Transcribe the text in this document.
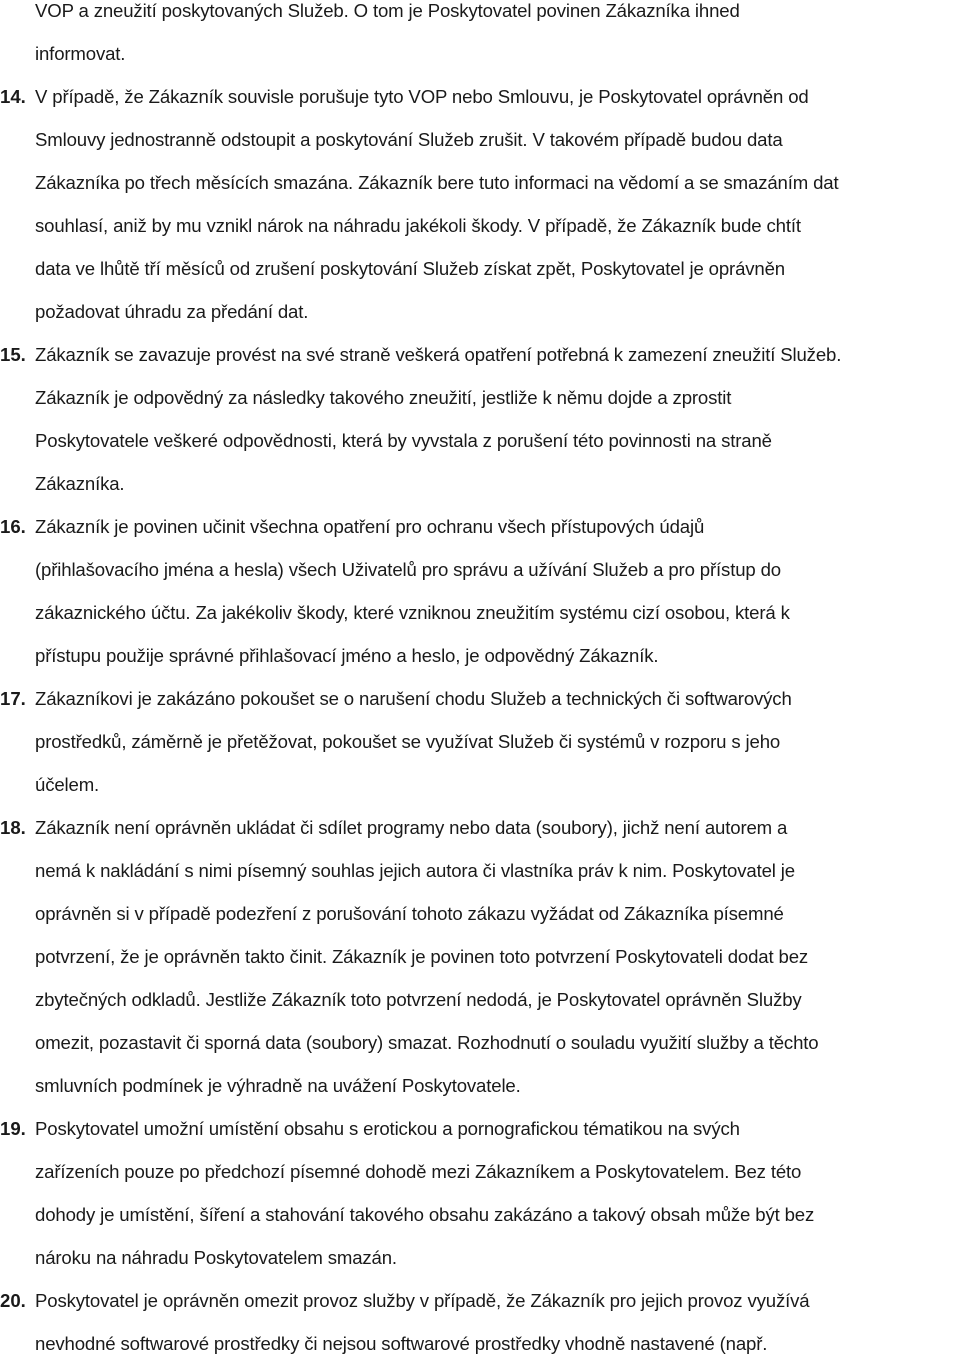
VOP a zneužití poskytovaných Služeb. O tom je Poskytovatel povinen Zákazníka ihned
informovat.
14. V případě, že Zákazník souvisle porušuje tyto VOP nebo Smlouvu, je Poskytovatel oprávněn od
Smlouvy jednostranně odstoupit a poskytování Služeb zrušit. V takovém případě budou data
Zákazníka po třech měsících smazána. Zákazník bere tuto informaci na vědomí a se smazáním dat
souhlasí, aniž by mu vznikl nárok na náhradu jakékoli škody. V případě, že Zákazník bude chtít
data ve lhůtě tří měsíců od zrušení poskytování Služeb získat zpět, Poskytovatel je oprávněn
požadovat úhradu za předání dat.
15. Zákazník se zavazuje provést na své straně veškerá opatření potřebná k zamezení zneužití Služeb.
Zákazník je odpovědný za následky takového zneužití, jestliže k němu dojde a zprostit
Poskytovatele veškeré odpovědnosti, která by vyvstala z porušení této povinnosti na straně
Zákazníka.
16. Zákazník je povinen učinit všechna opatření pro ochranu všech přístupových údajů
(přihlašovacího jména a hesla) všech Uživatelů pro správu a užívání Služeb a pro přístup do
zákaznického účtu. Za jakékoliv škody, které vzniknou zneužitím systému cizí osobou, která k
přístupu použije správné přihlašovací jméno a heslo, je odpovědný Zákazník.
17. Zákazníkovi je zakázáno pokoušet se o narušení chodu Služeb a technických či softwarových
prostředků, záměrně je přetěžovat, pokoušet se využívat Služeb či systémů v rozporu s jeho
účelem.
18. Zákazník není oprávněn ukládat či sdílet programy nebo data (soubory), jichž není autorem a
nemá k nakládání s nimi písemný souhlas jejich autora či vlastníka práv k nim. Poskytovatel je
oprávněn si v případě podezření z porušování tohoto zákazu vyžádat od Zákazníka písemné
potvrzení, že je oprávněn takto činit. Zákazník je povinen toto potvrzení Poskytovateli dodat bez
zbytečných odkladů. Jestliže Zákazník toto potvrzení nedodá, je Poskytovatel oprávněn Služby
omezit, pozastavit či sporná data (soubory) smazat. Rozhodnutí o souladu využití služby a těchto
smluvních podmínek je výhradně na uvážení Poskytovatele.
19. Poskytovatel umožní umístění obsahu s erotickou a pornografickou tématikou na svých
zařízeních pouze po předchozí písemné dohodě mezi Zákazníkem a Poskytovatelem. Bez této
dohody je umístění, šíření a stahování takového obsahu zakázáno a takový obsah může být bez
nároku na náhradu Poskytovatelem smazán.
20. Poskytovatel je oprávněn omezit provoz služby v případě, že Zákazník pro jejich provoz využívá
nevhodné softwarové prostředky či nejsou softwarové prostředky vhodně nastavené (např.
